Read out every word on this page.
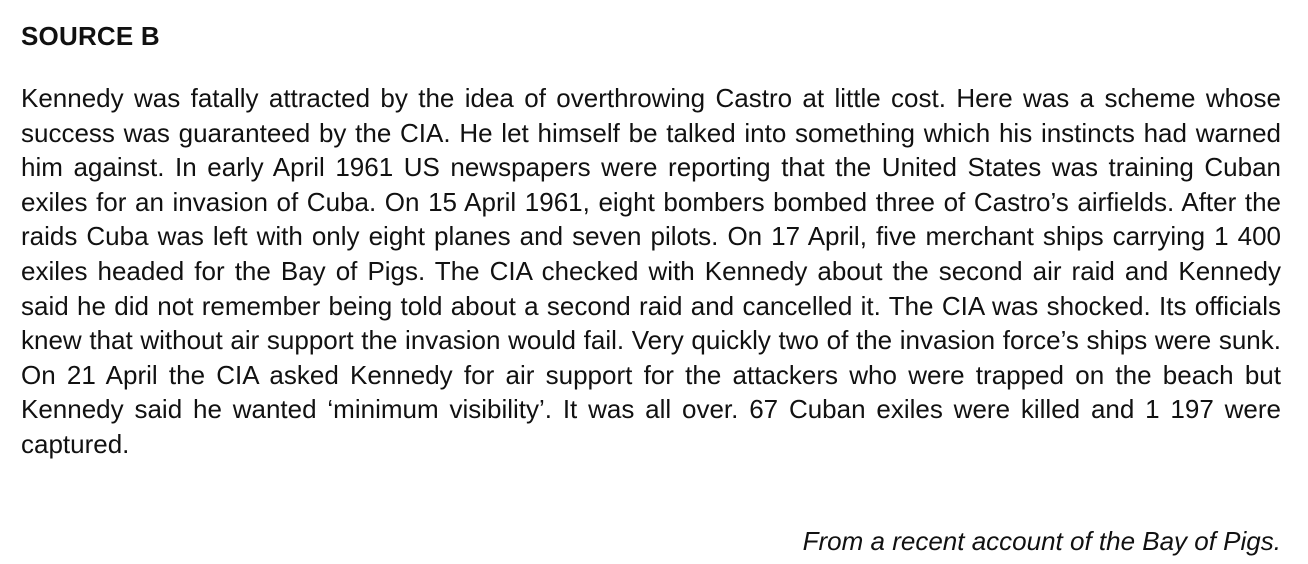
SOURCE B

Kennedy was fatally attracted by the idea of overthrowing Castro at little cost. Here was a scheme whose success was guaranteed by the CIA. He let himself be talked into something which his instincts had warned him against. In early April 1961 US newspapers were reporting that the United States was training Cuban exiles for an invasion of Cuba. On 15 April 1961, eight bombers bombed three of Castro’s airfields. After the raids Cuba was left with only eight planes and seven pilots. On 17 April, five merchant ships carrying 1 400 exiles headed for the Bay of Pigs. The CIA checked with Kennedy about the second air raid and Kennedy said he did not remember being told about a second raid and cancelled it. The CIA was shocked. Its officials knew that without air support the invasion would fail. Very quickly two of the invasion force’s ships were sunk. On 21 April the CIA asked Kennedy for air support for the attackers who were trapped on the beach but Kennedy said he wanted ‘minimum visibility’. It was all over. 67 Cuban exiles were killed and 1 197 were captured.

From a recent account of the Bay of Pigs.
